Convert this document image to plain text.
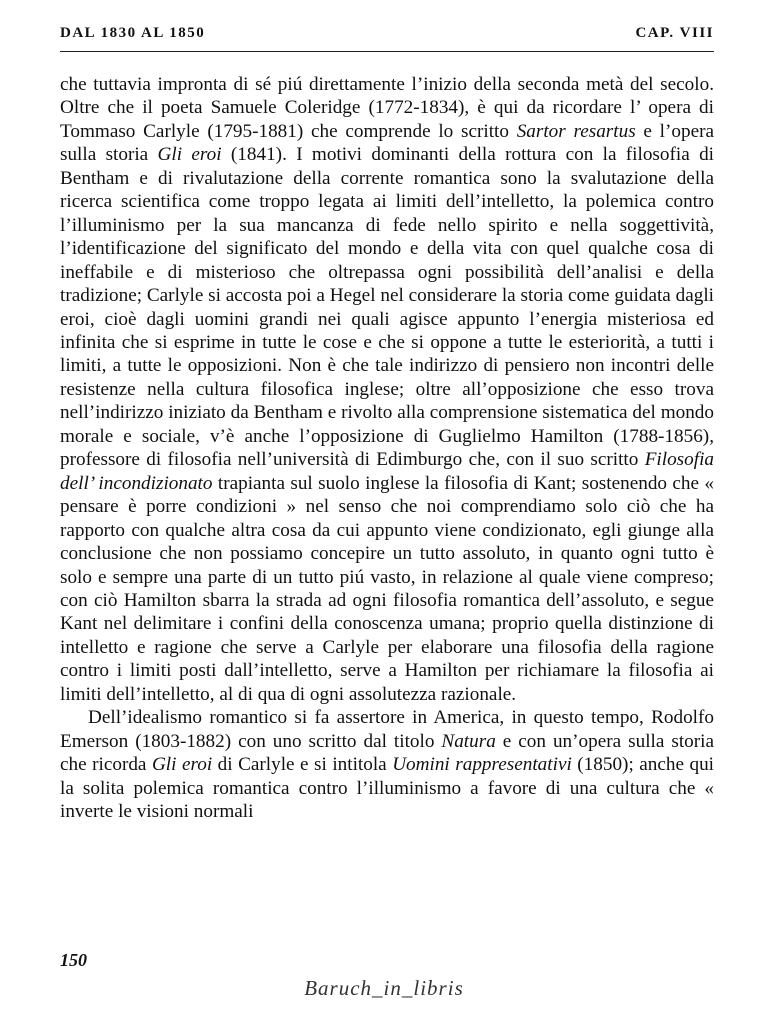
DAL 1830 AL 1850	CAP. VIII

che tuttavia impronta di sé piú direttamente l’inizio della seconda metà del secolo. Oltre che il poeta Samuele Coleridge (1772-1834), è qui da ricordare l’ opera di Tommaso Carlyle (1795-1881) che comprende lo scritto Sartor resartus e l’opera sulla storia Gli eroi (1841). I motivi dominanti della rottura con la filosofia di Bentham e di rivalutazione della corrente romantica sono la svalutazione della ricerca scientifica come troppo legata ai limiti dell’intelletto, la polemica contro l’illuminismo per la sua mancanza di fede nello spirito e nella soggettività, l’identificazione del significato del mondo e della vita con quel qualche cosa di ineffabile e di misterioso che oltrepassa ogni possibilità dell’analisi e della tradizione; Carlyle si accosta poi a Hegel nel considerare la storia come guidata dagli eroi, cioè dagli uomini grandi nei quali agisce appunto l’energia misteriosa ed infinita che si esprime in tutte le cose e che si oppone a tutte le esteriorità, a tutti i limiti, a tutte le opposizioni. Non è che tale indirizzo di pensiero non incontri delle resistenze nella cultura filosofica inglese; oltre all’opposizione che esso trova nell’indirizzo iniziato da Bentham e rivolto alla comprensione sistematica del mondo morale e sociale, v’è anche l’opposizione di Guglielmo Hamilton (1788-1856), professore di filosofia nell’università di Edimburgo che, con il suo scritto Filosofia dell’ incondizionato trapianta sul suolo inglese la filosofia di Kant; sostenendo che « pensare è porre condizioni » nel senso che noi comprendiamo solo ciò che ha rapporto con qualche altra cosa da cui appunto viene condizionato, egli giunge alla conclusione che non possiamo concepire un tutto assoluto, in quanto ogni tutto è solo e sempre una parte di un tutto piú vasto, in relazione al quale viene compreso; con ciò Hamilton sbarra la strada ad ogni filosofia romantica dell’assoluto, e segue Kant nel delimitare i confini della conoscenza umana; proprio quella distinzione di intelletto e ragione che serve a Carlyle per elaborare una filosofia della ragione contro i limiti posti dall’intelletto, serve a Hamilton per richiamare la filosofia ai limiti dell’intelletto, al di qua di ogni assolutezza razionale.

Dell’idealismo romantico si fa assertore in America, in questo tempo, Rodolfo Emerson (1803-1882) con uno scritto dal titolo Natura e con un’opera sulla storia che ricorda Gli eroi di Carlyle e si intitola Uomini rappresentativi (1850); anche qui la solita polemica romantica contro l’illuminismo a favore di una cultura che « inverte le visioni normali

150
Baruch_in_libris
